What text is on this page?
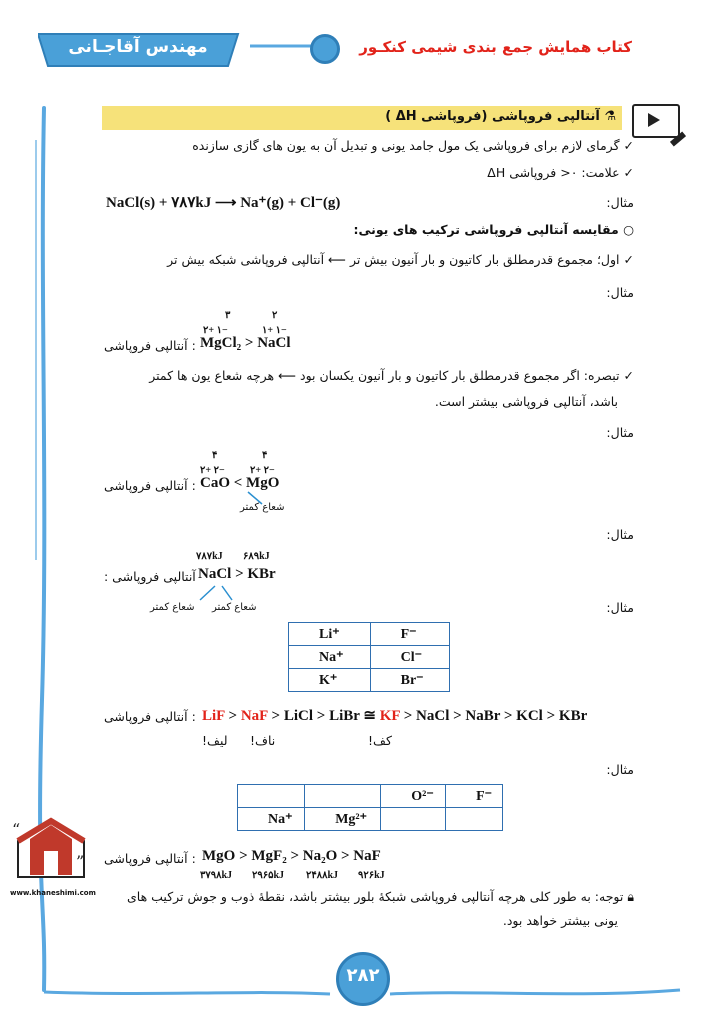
مهندس آقاجـانی	کتاب همایش جمع بندی شیمی کنکـور
⚗ آنتالپی فروپاشی (فروپاشی ΔH )
✓ گرمای لازم برای فروپاشی یک مول جامد یونی و تبدیل آن به یون های گازی سازنده
✓ علامت: ۰< فروپاشی ΔH
مثال:
NaCl(s) + ۷۸۷kJ ⟶ Na⁺(g) + Cl⁻(g)
○ مقایسه آنتالپی فروپاشی ترکیب های یونی:
✓ اول؛ مجموع قدرمطلق بار کاتیون و بار آنیون بیش تر ⟵ آنتالپی فروپاشی شبکه بیش تر
مثال:
۳	۲
۲+ ۱−	۱+ ۱−
MgCl₂ > NaCl
: آنتالپی فروپاشی
✓ تبصره: اگر مجموع قدرمطلق بار کاتیون و بار آنیون یکسان بود ⟵ هرچه شعاع یون ها کمتر
باشد، آنتالپی فروپاشی بیشتر است.
مثال:
۴	۴
۲+ ۲−	۲+ ۲−
CaO < MgO
: آنتالپی فروپاشی
شعاع کمتر
مثال:
۷۸۷kJ ۶۸۹kJ
NaCl > KBr
آنتالپی فروپاشی :
شعاع کمتر شعاع کمتر	مثال:
Li⁺	F⁻
Na⁺	Cl⁻
K⁺	Br⁻
LiF > NaF > LiCl > LiBr ≅ KF > NaCl > NaBr > KCl > KBr
: آنتالپی فروپاشی
لیف! ناف!	کف!
مثال:
		O²⁻	F⁻
Na⁺	Mg²⁺		
MgO > MgF₂ > Na₂O > NaF
: آنتالپی فروپاشی
۳۷۹۸kJ ۲۹۶۵kJ ۲۴۸۸kJ ۹۲۶kJ
🔒︎ توجه: به طور کلی هرچه آنتالپی فروپاشی شبکهٔ بلور بیشتر باشد، نقطهٔ ذوب و جوش ترکیب های
یونی بیشتر خواهد بود.
“
”
www.khaneshimi.com
۲۸۲
